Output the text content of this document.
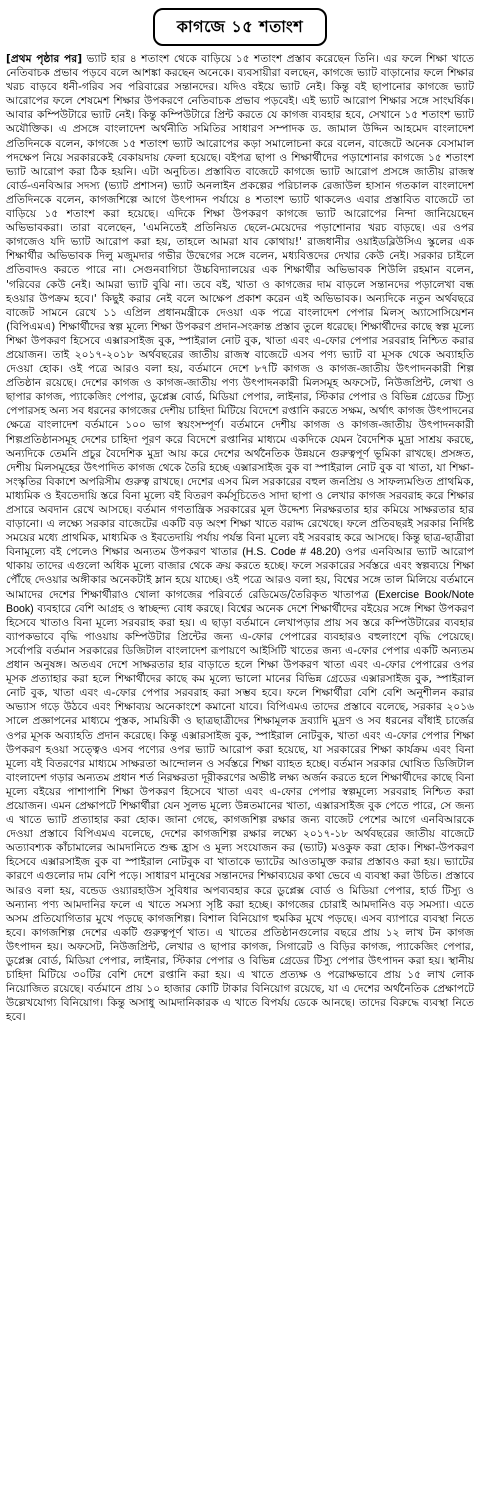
কাগজে ১৫ শতাংশ

[প্রথম পৃষ্ঠার পর] ভ্যাট হার ৪ শতাংশ থেকে বাড়িয়ে ১৫ শতাংশ প্রস্তাব করেছেন তিনি। এর ফলে শিক্ষা খাতে নেতিবাচক প্রভাব পড়বে বলে আশঙ্কা করছেন অনেকে। ব্যবসায়ীরা বলছেন, কাগজে ভ্যাট বাড়ানোর ফলে শিক্ষার খরচ বাড়বে ধনী-গরিব সব পরিবারের সন্তানদের। যদিও বইয়ে ভ্যাট নেই। কিন্তু বই ছাপানোর কাগজে ভ্যাট আরোপের ফলে শেষমেশ শিক্ষার উপকরণে নেতিবাচক প্রভাব পড়বেই। এই ভ্যাট আরোপ শিক্ষার সঙ্গে সাংঘর্ষিক। আবার কম্পিউটারে ভ্যাট নেই। কিন্তু কম্পিউটারে প্রিন্ট করতে যে কাগজ ব্যবহার হবে, সেখানে ১৫ শতাংশ ভ্যাট অযৌক্তিক। এ প্রসঙ্গে বাংলাদেশ অর্থনীতি সমিতির সাধারণ সম্পাদক ড. জামাল উদ্দিন আহমেদ বাংলাদেশ প্রতিদিনকে বলেন, কাগজে ১৫ শতাংশ ভ্যাট আরোপের কড়া সমালোচনা করে বলেন, বাজেটে অনেক বেসামাল পদক্ষেপ নিয়ে সরকারকেই বেকায়দায় ফেলা হয়েছে। বইপত্র ছাপা ও শিক্ষার্থীদের পড়াশোনার কাগজে ১৫ শতাংশ ভ্যাট আরোপ করা ঠিক হয়নি। এটা অনুচিত। প্রস্তাবিত বাজেটে কাগজে ভ্যাট আরোপ প্রসঙ্গে জাতীয় রাজস্ব বোর্ড-এনবিআর সদস্য (ভ্যাট প্রশাসন) ভ্যাট অনলাইন প্রকল্পের পরিচালক রেজাউল হাসান গতকাল বাংলাদেশ প্রতিদিনকে বলেন, কাগজশিল্পে আগে উৎপাদন পর্যায়ে ৪ শতাংশ ভ্যাট থাকলেও এবার প্রস্তাবিত বাজেটে তা বাড়িয়ে ১৫ শতাংশ করা হয়েছে। এদিকে শিক্ষা উপকরণ কাগজে ভ্যাট আরোপের নিন্দা জানিয়েছেন অভিভাবকরা। তারা বলেছেন, 'এমনিতেই প্রতিনিয়ত ছেলে-মেয়েদের পড়াশোনার খরচ বাড়ছে। এর ওপর কাগজেও যদি ভ্যাট আরোপ করা হয়, তাহলে আমরা যাব কোথায়!' রাজধানীর ওয়াইডব্লিউসিএ স্কুলের এক শিক্ষার্থীর অভিভাবক দিলু মজুমদার গভীর উদ্বেগের সঙ্গে বলেন, মধ্যবিত্তদের দেখার কেউ নেই। সরকার চাইলে প্রতিবাদও করতে পারে না। সেগুনবাগিচা উচ্চবিদ্যালয়ের এক শিক্ষার্থীর অভিভাবক শিউলি রহমান বলেন, 'গরিবের কেউ নেই। আমরা ভ্যাট বুঝি না। তবে বই, খাতা ও কাগজের দাম বাড়লে সন্তানদের পড়ালেখা বন্ধ হওয়ার উপক্রম হবে।' কিছুই করার নেই বলে আক্ষেপ প্রকাশ করেন এই অভিভাবক। অন্যদিকে নতুন অর্থবছরে বাজেট সামনে রেখে ১১ এপ্রিল প্রধানমন্ত্রীকে দেওয়া এক পত্রে বাংলাদেশ পেপার মিলস্ অ্যাসোসিয়েশন (বিপিএমএ) শিক্ষার্থীদের স্বল্প মূল্যে শিক্ষা উপকরণ প্রদান-সংক্রান্ত প্রস্তাব তুলে ধরেছে। শিক্ষার্থীদের কাছে স্বল্প মূল্যে শিক্ষা উপকরণ হিসেবে এক্সারসাইজ বুক, স্পাইরাল নোট বুক, খাতা এবং এ-ফোর পেপার সরবরাহ নিশ্চিত করার প্রয়োজন। তাই ২০১৭-২০১৮ অর্থবছরের জাতীয় রাজস্ব বাজেটে এসব পণ্য ভ্যাট বা মূসক থেকে অব্যাহতি দেওয়া হোক। ওই পত্রে আরও বলা হয়, বর্তমানে দেশে ৮৭টি কাগজ ও কাগজ-জাতীয় উৎপাদনকারী শিল্প প্রতিষ্ঠান রয়েছে। দেশের কাগজ ও কাগজ-জাতীয় পণ্য উৎপাদনকারী মিলসমূহ অফসেট, নিউজপ্রিন্ট, লেখা ও ছাপার কাগজ, প্যাকেজিং পেপার, ডুপ্লেক্স বোর্ড, মিডিয়া পেপার, লাইনার, স্টিকার পেপার ও বিভিন্ন গ্রেডের টিস্যু পেপারসহ অন্য সব ধরনের কাগজের দেশীয় চাহিদা মিটিয়ে বিদেশে রপ্তানি করতে সক্ষম, অর্থাৎ কাগজ উৎপাদনের ক্ষেত্রে বাংলাদেশ বর্তমানে ১০০ ভাগ স্বয়ংসম্পূর্ণ। বর্তমানে দেশীয় কাগজ ও কাগজ-জাতীয় উৎপাদনকারী শিল্পপ্রতিষ্ঠানসমূহ দেশের চাহিদা পূরণ করে বিদেশে রপ্তানির মাধ্যমে একদিকে যেমন বৈদেশিক মুদ্রা সাশ্রয় করছে, অন্যদিকে তেমনি প্রচুর বৈদেশিক মুদ্রা আয় করে দেশের অর্থনৈতিক উন্নয়নে গুরুত্বপূর্ণ ভূমিকা রাখছে। প্রসঙ্গত, দেশীয় মিলসমূহের উৎপাদিত কাগজ থেকে তৈরি হচ্ছে এক্সারসাইজ বুক বা স্পাইরাল নোট বুক বা খাতা, যা শিক্ষা-সংস্কৃতির বিকাশে অপরিসীম গুরুত্ব রাখছে। দেশের এসব মিল সরকারের বহুল জনপ্রিয় ও সাফল্যমণ্ডিত প্রাথমিক, মাধ্যমিক ও ইবতেদায়ি স্তরে বিনা মূল্যে বই বিতরণ কর্মসূচিতেও সাদা ছাপা ও লেখার কাগজ সরবরাহ করে শিক্ষার প্রসারে অবদান রেখে আসছে। বর্তমান গণতান্ত্রিক সরকারের মূল উদ্দেশ্য নিরক্ষরতার হার কমিয়ে সাক্ষরতার হার বাড়ানো। এ লক্ষ্যে সরকার বাজেটের একটি বড় অংশ শিক্ষা খাতে বরাদ্দ রেখেছে। ফলে প্রতিবছরই সরকার নির্দিষ্ট সময়ের মধ্যে প্রাথমিক, মাধ্যমিক ও ইবতেদায়ি পর্যায় পর্যন্ত বিনা মূল্যে বই সরবরাহ করে আসছে। কিন্তু ছাত্র-ছাত্রীরা বিনামূল্যে বই পেলেও শিক্ষার অন্যতম উপকরণ খাতার (H.S. Code # 48.20) ওপর এনবিআর ভ্যাট আরোপ থাকায় তাদের এগুলো অধিক মূল্যে বাজার থেকে ক্রয় করতে হচ্ছে। ফলে সরকারের সর্বস্তরে এবং স্বল্পব্যয়ে শিক্ষা পৌঁছে দেওয়ার অঙ্গীকার অনেকটাই ম্লান হয়ে যাচ্ছে। ওই পত্রে আরও বলা হয়, বিশ্বের সঙ্গে তাল মিলিয়ে বর্তমানে আমাদের দেশের শিক্ষার্থীরাও খোলা কাগজের পরিবর্তে রেডিমেড/তৈরিকৃত খাতাপত্র (Exercise Book/Note Book) ব্যবহারে বেশি আগ্রহ ও স্বাচ্ছন্দ্য বোধ করছে। বিশ্বের অনেক দেশে শিক্ষার্থীদের বইয়ের সঙ্গে শিক্ষা উপকরণ হিসেবে খাতাও বিনা মূল্যে সরবরাহ করা হয়। এ ছাড়া বর্তমানে লেখাপড়ার প্রায় সব স্তরে কম্পিউটারের ব্যবহার ব্যাপকভাবে বৃদ্ধি পাওয়ায় কম্পিউটার প্রিন্টের জন্য এ-ফোর পেপারের ব্যবহারও বহুলাংশে বৃদ্ধি পেয়েছে। সর্বোপরি বর্তমান সরকারের ডিজিটাল বাংলাদেশ রূপায়ণে আইসিটি খাতের জন্য এ-ফোর পেপার একটি অন্যতম প্রধান অনুষঙ্গ। অতএব দেশে সাক্ষরতার হার বাড়াতে হলে শিক্ষা উপকরণ খাতা এবং এ-ফোর পেপারের ওপর মূসক প্রত্যাহার করা হলে শিক্ষার্থীদের কাছে কম মূল্যে ভালো মানের বিভিন্ন গ্রেডের এক্সারসাইজ বুক, স্পাইরাল নোট বুক, খাতা এবং এ-ফোর পেপার সরবরাহ করা সম্ভব হবে। ফলে শিক্ষার্থীরা বেশি বেশি অনুশীলন করার অভ্যাস গড়ে উঠবে এবং শিক্ষাব্যয় অনেকাংশে কমানো যাবে। বিপিএমএ তাদের প্রস্তাবে বলেছে, সরকার ২০১৬ সালে প্রজ্ঞাপনের মাধ্যমে পুস্তক, সাময়িকী ও ছাত্রছাত্রীদের শিক্ষামূলক দ্রব্যাদি মুদ্রণ ও সব ধরনের বাঁধাই চার্জের ওপর মূসক অব্যাহতি প্রদান করেছে। কিন্তু এক্সারসাইজ বুক, স্পাইরাল নোটবুক, খাতা এবং এ-ফোর পেপার শিক্ষা উপকরণ হওয়া সত্ত্বেও এসব পণ্যের ওপর ভ্যাট আরোপ করা হয়েছে, যা সরকারের শিক্ষা কার্যক্রম এবং বিনা মূল্যে বই বিতরণের মাধ্যমে সাক্ষরতা আন্দোলন ও সর্বস্তরে শিক্ষা ব্যাহত হচ্ছে। বর্তমান সরকার ঘোষিত ডিজিটাল বাংলাদেশ গড়ার অন্যতম প্রধান শর্ত নিরক্ষরতা দূরীকরণের অভীষ্ট লক্ষ্য অর্জন করতে হলে শিক্ষার্থীদের কাছে বিনা মূল্যে বইয়ের পাশাপাশি শিক্ষা উপকরণ হিসেবে খাতা এবং এ-ফোর পেপার স্বল্পমূল্যে সরবরাহ নিশ্চিত করা প্রয়োজন। এমন প্রেক্ষাপটে শিক্ষার্থীরা যেন সুলভ মূল্যে উন্নতমানের খাতা, এক্সারসাইজ বুক পেতে পারে, সে জন্য এ খাতে ভ্যাট প্রত্যাহার করা হোক। জানা গেছে, কাগজশিল্প রক্ষার জন্য বাজেট পেশের আগে এনবিআরকে দেওয়া প্রস্তাবে বিপিএমএ বলেছে, দেশের কাগজশিল্প রক্ষার লক্ষ্যে ২০১৭-১৮ অর্থবছরের জাতীয় বাজেটে অত্যাবশ্যক কাঁচামালের আমদানিতে শুল্ক হ্রাস ও মূল্য সংযোজন কর (ভ্যাট) মওকুফ করা হোক। শিক্ষা-উপকরণ হিসেবে এক্সারসাইজ বুক বা স্পাইরাল নোটবুক বা খাতাকে ভ্যাটের আওতামুক্ত করার প্রস্তাবও করা হয়। ভ্যাটের কারণে এগুলোর দাম বেশি পড়ে। সাধারণ মানুষের সন্তানদের শিক্ষাব্যয়ের কথা ভেবে এ ব্যবস্থা করা উচিত। প্রস্তাবে আরও বলা হয়, বন্ডেড ওয়্যারহাউস সুবিধার অপব্যবহার করে ডুপ্লেক্স বোর্ড ও মিডিয়া পেপার, হার্ড টিস্যু ও অন্যান্য পণ্য আমদানির ফলে এ খাতে সমস্যা সৃষ্টি করা হচ্ছে। কাগজের চোরাই আমদানিও বড় সমস্যা। এতে অসম প্রতিযোগিতার মুখে পড়ছে কাগজশিল্প। বিশাল বিনিয়োগ হুমকির মুখে পড়ছে। এসব ব্যাপারে ব্যবস্থা নিতে হবে। কাগজশিল্প দেশের একটি গুরুত্বপূর্ণ খাত। এ খাতের প্রতিষ্ঠানগুলোর বছরে প্রায় ১২ লাখ টন কাগজ উৎপাদন হয়। অফসেট, নিউজপ্রিন্ট, লেখার ও ছাপার কাগজ, সিগারেট ও বিড়ির কাগজ, প্যাকেজিং পেপার, ডুপ্লেক্স বোর্ড, মিডিয়া পেপার, লাইনার, স্টিকার পেপার ও বিভিন্ন গ্রেডের টিস্যু পেপার উৎপাদন করা হয়। স্থানীয় চাহিদা মিটিয়ে ৩০টির বেশি দেশে রপ্তানি করা হয়। এ খাতে প্রত্যক্ষ ও পরোক্ষভাবে প্রায় ১৫ লাখ লোক নিয়োজিত রয়েছে। বর্তমানে প্রায় ১০ হাজার কোটি টাকার বিনিয়োগ রয়েছে, যা এ দেশের অর্থনৈতিক প্রেক্ষাপটে উল্লেখযোগ্য বিনিয়োগ। কিন্তু অসাধু আমদানিকারক এ খাতে বিপর্যয় ডেকে আনছে। তাদের বিরুদ্ধে ব্যবস্থা নিতে হবে।
